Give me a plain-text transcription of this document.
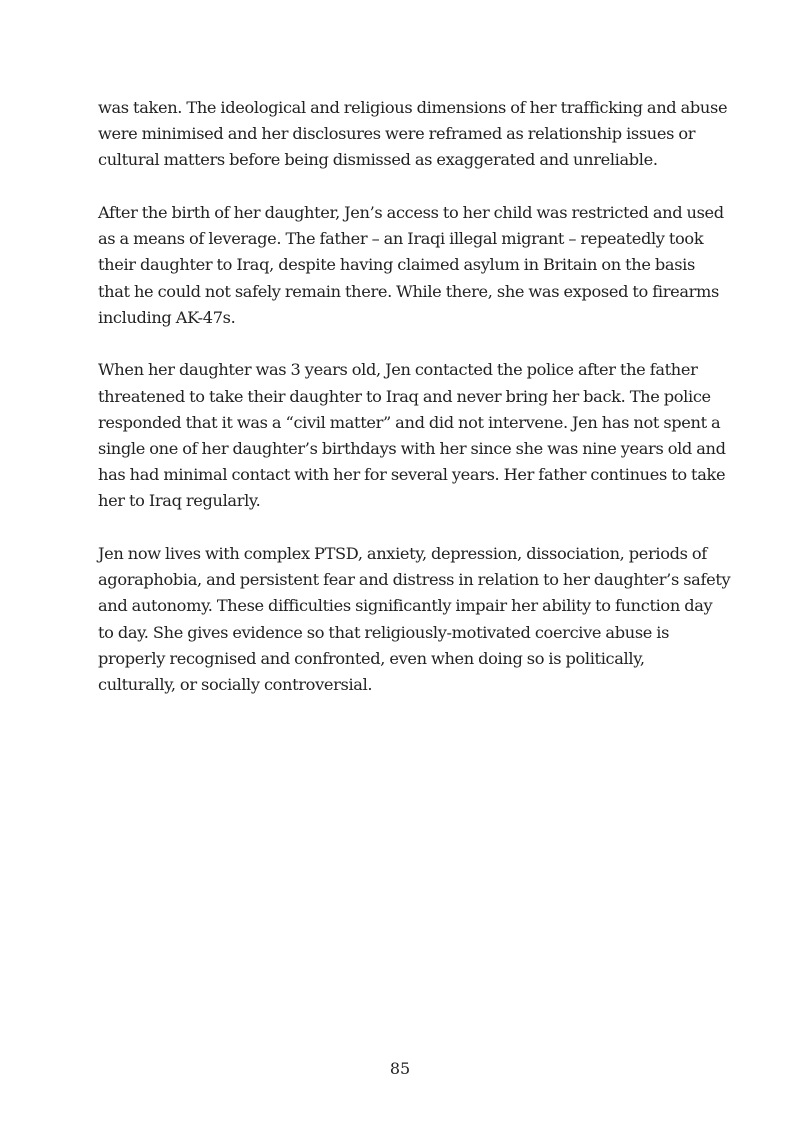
was taken. The ideological and religious dimensions of her trafficking and abuse
were minimised and her disclosures were reframed as relationship issues or
cultural matters before being dismissed as exaggerated and unreliable.

After the birth of her daughter, Jen’s access to her child was restricted and used
as a means of leverage. The father – an Iraqi illegal migrant – repeatedly took
their daughter to Iraq, despite having claimed asylum in Britain on the basis
that he could not safely remain there. While there, she was exposed to firearms
including AK-47s.

When her daughter was 3 years old, Jen contacted the police after the father
threatened to take their daughter to Iraq and never bring her back. The police
responded that it was a “civil matter” and did not intervene. Jen has not spent a
single one of her daughter’s birthdays with her since she was nine years old and
has had minimal contact with her for several years. Her father continues to take
her to Iraq regularly.

Jen now lives with complex PTSD, anxiety, depression, dissociation, periods of
agoraphobia, and persistent fear and distress in relation to her daughter’s safety
and autonomy. These difficulties significantly impair her ability to function day
to day. She gives evidence so that religiously-motivated coercive abuse is
properly recognised and confronted, even when doing so is politically,
culturally, or socially controversial.

85
